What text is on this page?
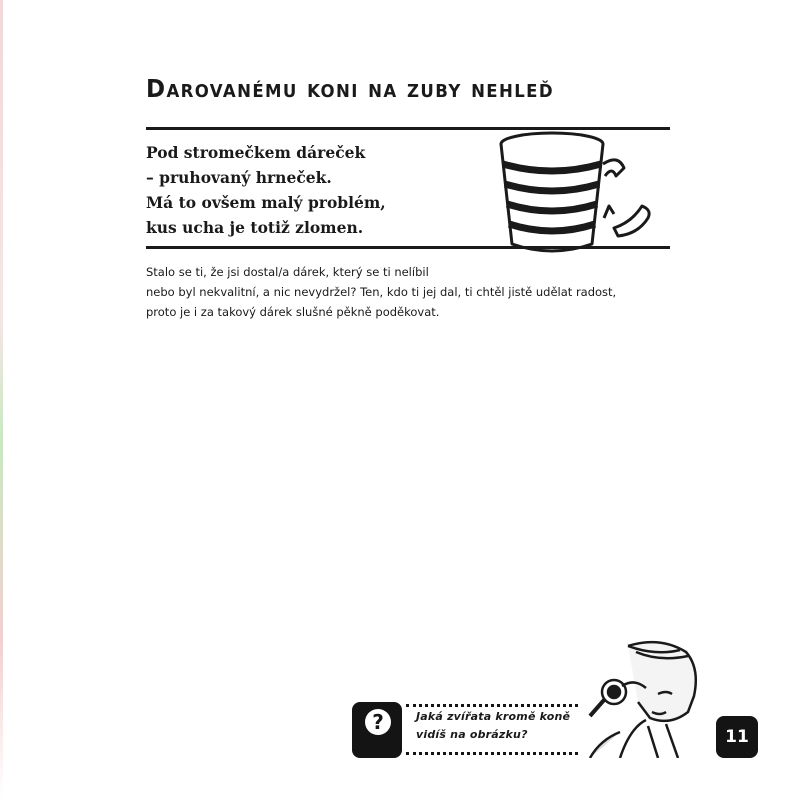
Darovanému koni na zuby nehleď
Pod stromečkem dáreček
– pruhovaný hrneček.
Má to ovšem malý problém,
kus ucha je totiž zlomen.
Stalo se ti, že jsi dostal/a dárek, který se ti nelíbil
nebo byl nekvalitní, a nic nevydržel? Ten, kdo ti jej dal, ti chtěl jistě udělat radost,
proto je i za takový dárek slušné pěkně poděkovat.
?	Jaká zvířata kromě koně
vidíš na obrázku?	11
